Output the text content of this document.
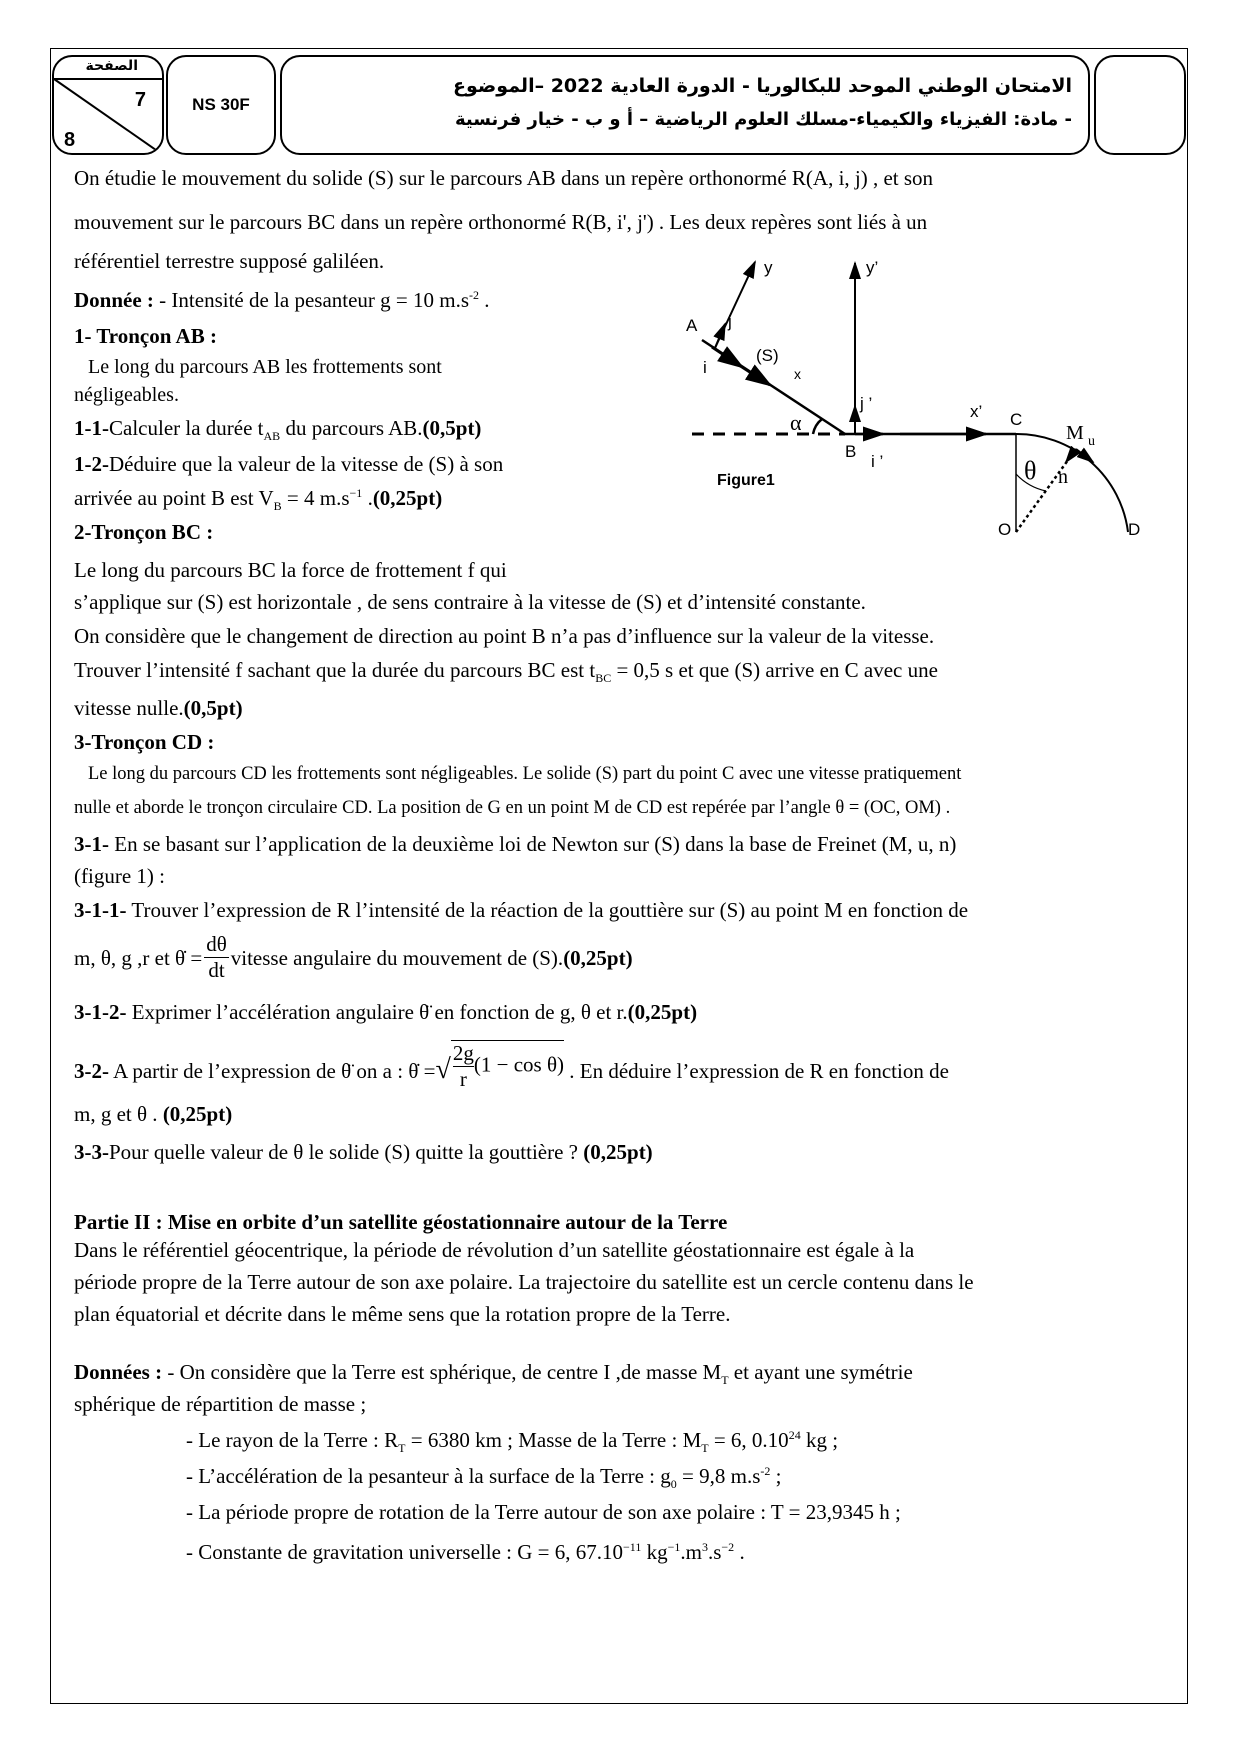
الصفحة
7
8
NS 30F
الامتحان الوطني الموحد للبكالوريا - الدورة العادية 2022 –الموضوع
- مادة: الفيزياء والكيمياء-مسلك العلوم الرياضية – أ و ب - خيار فرنسية
On étudie le mouvement du solide (S) sur le parcours AB dans un repère orthonormé R(A, i, j) , et son
mouvement sur le parcours BC dans un repère orthonormé R(B, i', j') . Les deux repères sont liés à un
référentiel terrestre supposé galiléen.
Donnée : - Intensité de la pesanteur g = 10 $m.s^{-2}$ .
1- Tronçon AB :
Le long du parcours AB les frottements sont
négligeables.
1-1-Calculer la durée $t_{AB}$ du parcours AB.(0,5pt)
1-2-Déduire que la valeur de la vitesse de (S) à son
arrivée au point B est $V_B = 4$ $m.s^{-1}$ .(0,25pt)
2-Tronçon BC :
Le long du parcours BC la force de frottement f qui
s’applique sur (S) est horizontale , de sens contraire à la vitesse de (S) et d’intensité constante.
On considère que le changement de direction au point B n’a pas d’influence sur la valeur de la vitesse.
Trouver l’intensité f sachant que la durée du parcours BC est $t_{BC} = 0,5$ s et que (S) arrive en C avec une
vitesse nulle.(0,5pt)
3-Tronçon CD :
Le long du parcours CD les frottements sont négligeables. Le solide (S) part du point C avec une vitesse pratiquement
nulle et aborde le tronçon circulaire CD. La position de G en un point M de CD est repérée par l’angle θ = (OC, OM) .
3-1- En se basant sur l’application de la deuxième loi de Newton sur (S) dans la base de Freinet (M, u, n)
(figure 1) :
3-1-1- Trouver l’expression de R l’intensité de la réaction de la gouttière sur (S) au point M en fonction de
m, θ, g ,r et θ̇ = $\frac{d\theta}{dt}$ vitesse angulaire du mouvement de (S).(0,25pt)
3-1-2- Exprimer l’accélération angulaire θ̈ en fonction de g, θ et r.(0,25pt)
3-2- A partir de l’expression de θ̈ on a : θ̇ =√ $\frac{2g}{r} (1 - \cos \theta)$ . En déduire l’expression de R en fonction de
m, g et θ . (0,25pt)
3-3-Pour quelle valeur de θ le solide (S) quitte la gouttière ? (0,25pt)
Partie II : Mise en orbite d’un satellite géostationnaire autour de la Terre
Dans le référentiel géocentrique, la période de révolution d’un satellite géostationnaire est égale à la
période propre de la Terre autour de son axe polaire. La trajectoire du satellite est un cercle contenu dans le
plan équatorial et décrite dans le même sens que la rotation propre de la Terre.
Données : - On considère que la Terre est sphérique, de centre I ,de masse $M_T$ et ayant une symétrie
sphérique de répartition de masse ;
- Le rayon de la Terre : $R_T = 6380$ km ; Masse de la Terre : $M_T = 6$, 0.10$^{24}$ kg ;
- L’accélération de la pesanteur à la surface de la Terre : $g_0 = 9,8$ $m.s^{-2}$ ;
- La période propre de rotation de la Terre autour de son axe polaire : T = 23,9345 h ;
- Constante de gravitation universelle : G = 6, $67.10^{-11}$ $kg^{-1}.m^3.s^{-2}$ .
A j
y
i
(S)
x
y’
j ’
α
B
i ’
x’ C
M u
θ n
O	D
Figure1
